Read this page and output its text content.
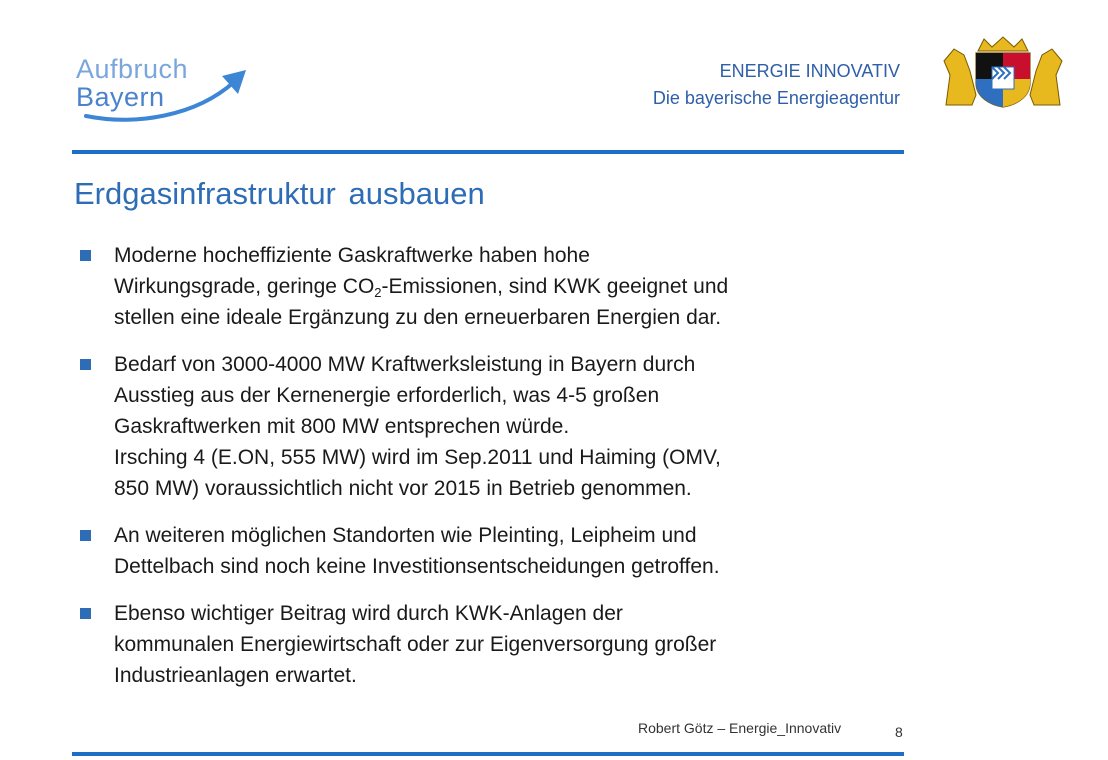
Aufbruch
Bayern
ENERGIE INNOVATIV
Die bayerische Energieagentur
Erdgasinfrastruktur ausbauen

Moderne hocheffiziente Gaskraftwerke haben hohe

Wirkungsgrade, geringe $CO_2$-Emissionen, sind KWK geeignet und

stellen eine ideale Ergänzung zu den erneuerbaren Energien dar.

Bedarf von 3000-4000 MW Kraftwerksleistung in Bayern durch

Ausstieg aus der Kernenergie erforderlich, was 4-5 großen

Gaskraftwerken mit 800 MW entsprechen würde.

Irsching 4 (E.ON, 555 MW) wird im Sep.2011 und Haiming (OMV,

850 MW) voraussichtlich nicht vor 2015 in Betrieb genommen.

An weiteren möglichen Standorten wie Pleinting, Leipheim und

Dettelbach sind noch keine Investitionsentscheidungen getroffen.

Ebenso wichtiger Beitrag wird durch KWK-Anlagen der

kommunalen Energiewirtschaft oder zur Eigenversorgung großer

Industrieanlagen erwartet.

Robert Götz – Energie_Innovativ	8
